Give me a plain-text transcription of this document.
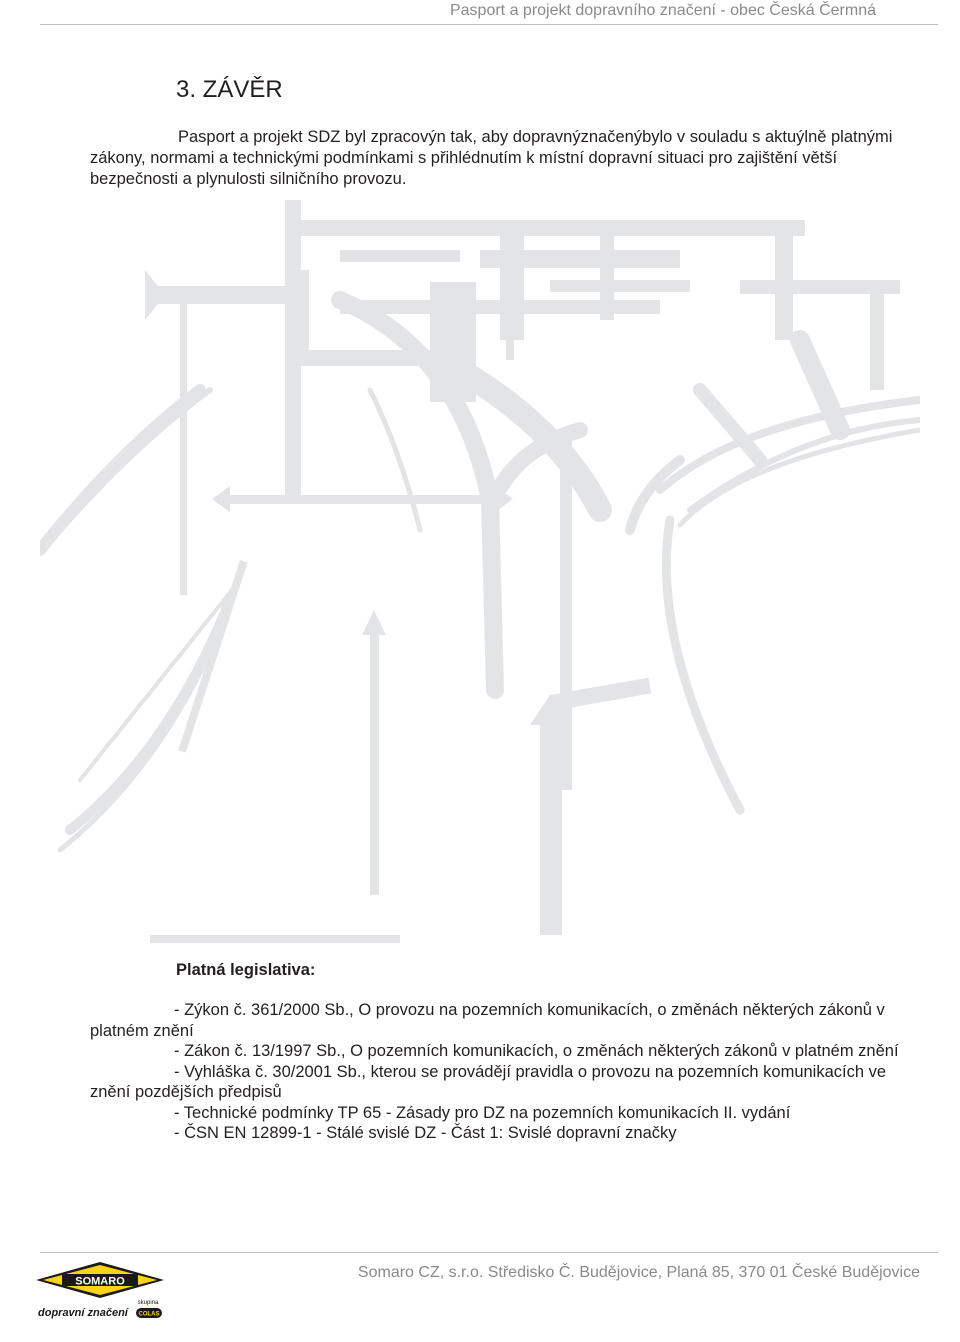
Pasport a projekt dopravního značení - obec Česká Čermná
3. ZÁVĚR

Pasport a projekt SDZ byl zpracovýn tak, aby dopravnýznačenýbylo v souladu s aktuýlně platnými zákony, normami a technickými podmínkami s přihlédnutím k místní dopravní situaci pro zajištění větší bezpečnosti a plynulosti silničního provozu.

Platná legislativa:
- Zýkon č. 361/2000 Sb., O provozu na pozemních komunikacích, o změnách některých zákonů v platném znění
- Zákon č. 13/1997 Sb., O pozemních komunikacích, o změnách některých zákonů v platném znění
- Vyhláška č. 30/2001 Sb., kterou se provádějí pravidla o provozu na pozemních komunikacích ve znění pozdějších předpisů
- Technické podmínky TP 65 - Zásady pro DZ na pozemních komunikacích II. vydání
- ČSN EN 12899-1 - Stálé svislé DZ - Část 1: Svislé dopravní značky
Somaro CZ, s.r.o. Středisko Č. Budějovice, Planá 85, 370 01 České Budějovice
SOMARO
dopravní značení
skupina
COLAS
